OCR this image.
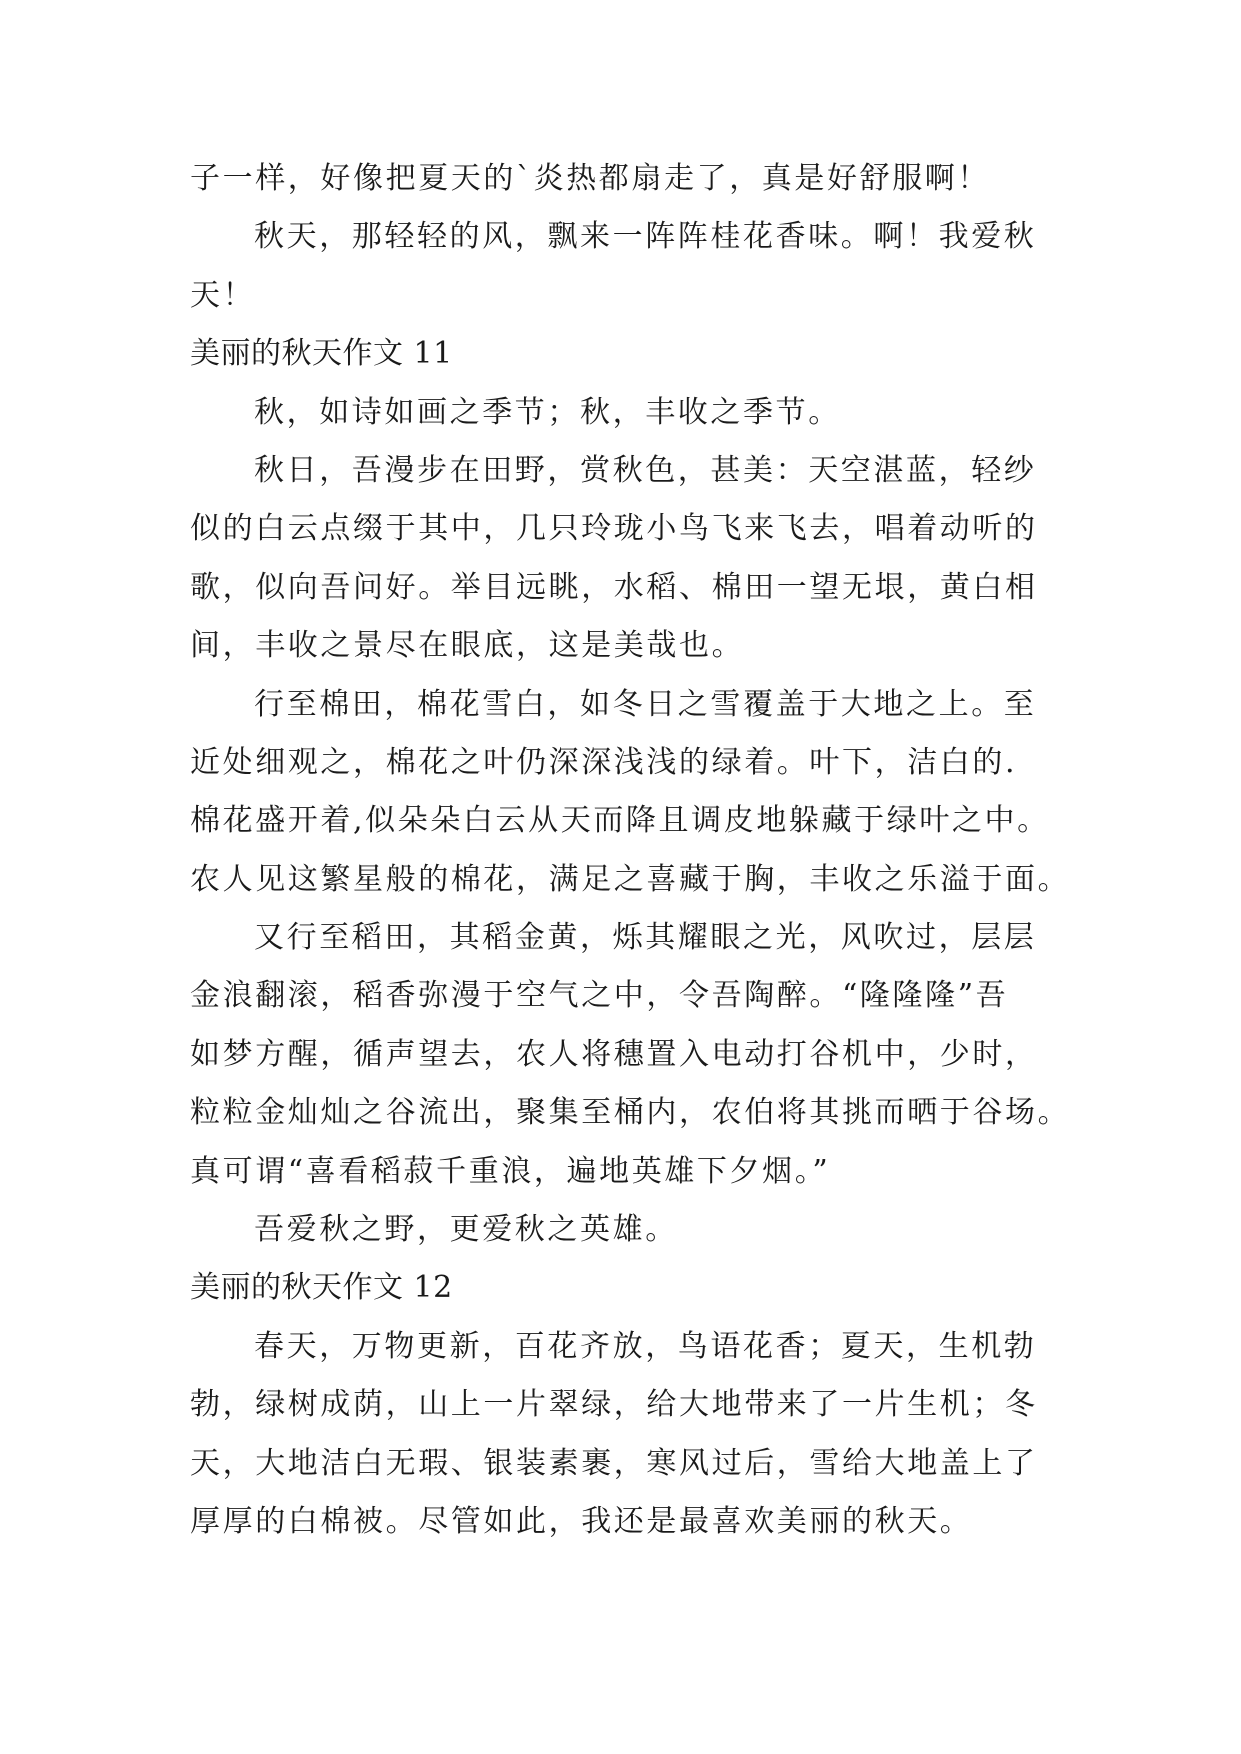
子一样，好像把夏天的`炎热都扇走了，真是好舒服啊！
秋天，那轻轻的风，飘来一阵阵桂花香味。啊！我爱秋
天！
美丽的秋天作文 11
秋，如诗如画之季节；秋，丰收之季节。
秋日，吾漫步在田野，赏秋色，甚美：天空湛蓝，轻纱
似的白云点缀于其中，几只玲珑小鸟飞来飞去，唱着动听的
歌，似向吾问好。举目远眺，水稻、棉田一望无垠，黄白相
间，丰收之景尽在眼底，这是美哉也。
行至棉田，棉花雪白，如冬日之雪覆盖于大地之上。至
近处细观之，棉花之叶仍深深浅浅的绿着。叶下，洁白的.
棉花盛开着,似朵朵白云从天而降且调皮地躲藏于绿叶之中。
农人见这繁星般的棉花，满足之喜藏于胸，丰收之乐溢于面。
又行至稻田，其稻金黄，烁其耀眼之光，风吹过，层层
金浪翻滚，稻香弥漫于空气之中，令吾陶醉。“隆隆隆”吾
如梦方醒，循声望去，农人将穗置入电动打谷机中，少时，
粒粒金灿灿之谷流出，聚集至桶内，农伯将其挑而晒于谷场。
真可谓“喜看稻菽千重浪，遍地英雄下夕烟。”
吾爱秋之野，更爱秋之英雄。
美丽的秋天作文 12
春天，万物更新，百花齐放，鸟语花香；夏天，生机勃
勃，绿树成荫，山上一片翠绿，给大地带来了一片生机；冬
天，大地洁白无瑕、银装素裹，寒风过后，雪给大地盖上了
厚厚的白棉被。尽管如此，我还是最喜欢美丽的秋天。
